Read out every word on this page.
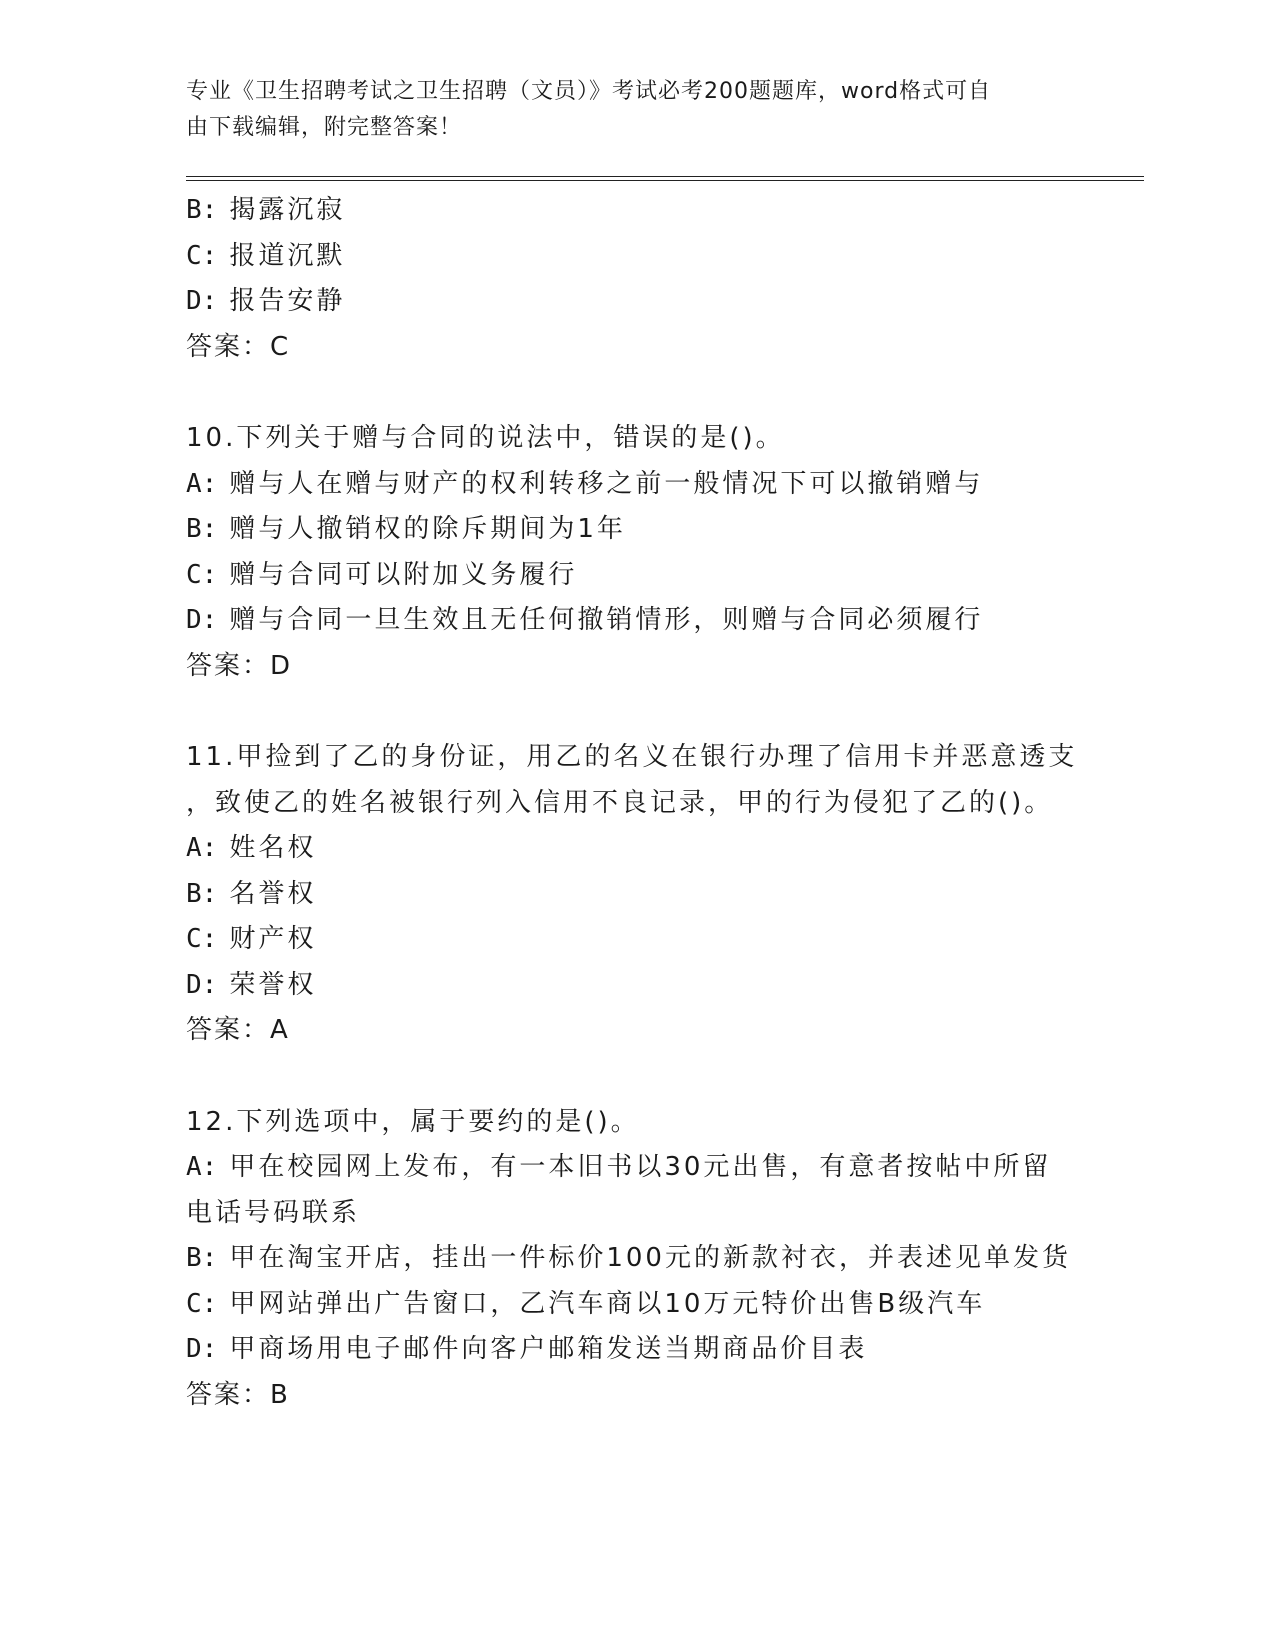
专业《卫生招聘考试之卫生招聘（文员）》考试必考200题题库，word格式可自
由下载编辑，附完整答案！
B: 揭露沉寂
C: 报道沉默
D: 报告安静
答案：C
10.下列关于赠与合同的说法中，错误的是()。
A: 赠与人在赠与财产的权利转移之前一般情况下可以撤销赠与
B: 赠与人撤销权的除斥期间为1年
C: 赠与合同可以附加义务履行
D: 赠与合同一旦生效且无任何撤销情形，则赠与合同必须履行
答案：D
11.甲捡到了乙的身份证，用乙的名义在银行办理了信用卡并恶意透支
，致使乙的姓名被银行列入信用不良记录，甲的行为侵犯了乙的()。
A: 姓名权
B: 名誉权
C: 财产权
D: 荣誉权
答案：A
12.下列选项中，属于要约的是()。
A: 甲在校园网上发布，有一本旧书以30元出售，有意者按帖中所留
电话号码联系
B: 甲在淘宝开店，挂出一件标价100元的新款衬衣，并表述见单发货
C: 甲网站弹出广告窗口，乙汽车商以10万元特价出售B级汽车
D: 甲商场用电子邮件向客户邮箱发送当期商品价目表
答案：B
